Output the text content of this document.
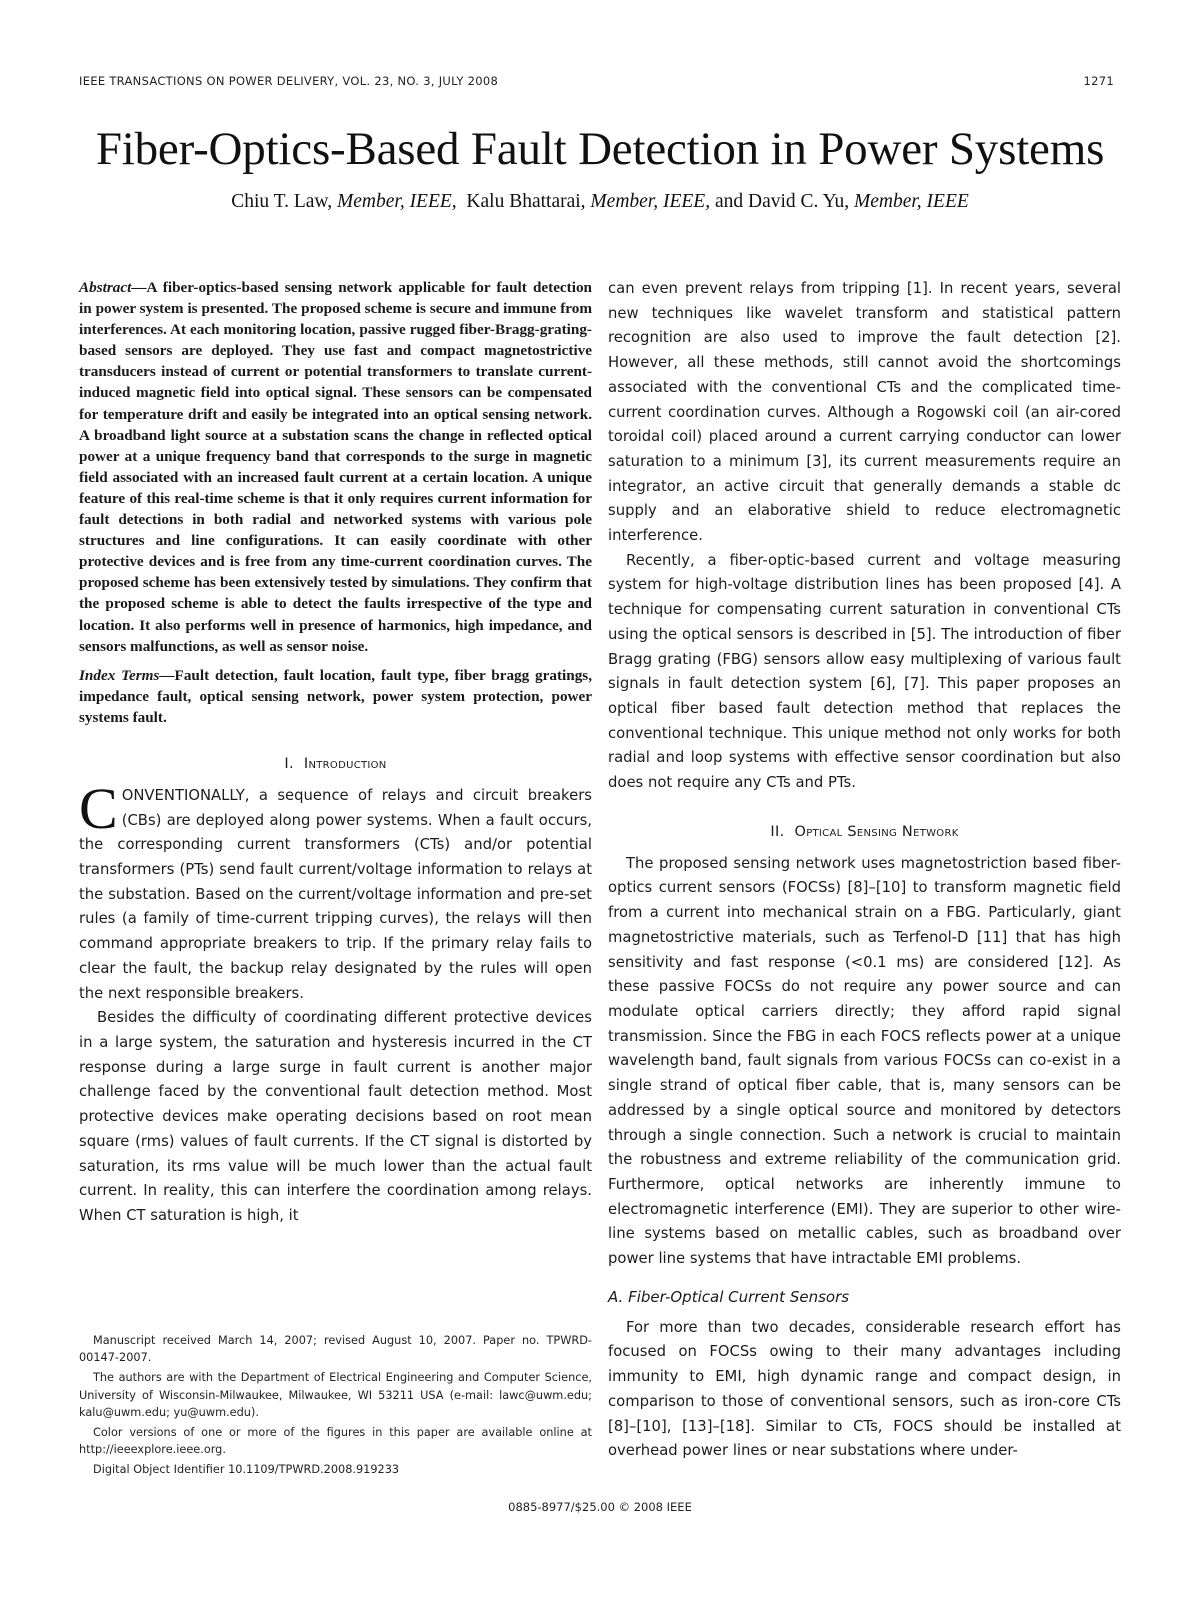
IEEE TRANSACTIONS ON POWER DELIVERY, VOL. 23, NO. 3, JULY 2008	1271
Fiber-Optics-Based Fault Detection in Power Systems
Chiu T. Law, Member, IEEE, Kalu Bhattarai, Member, IEEE, and David C. Yu, Member, IEEE

Abstract—A fiber-optics-based sensing network applicable for fault detection in power system is presented. The proposed scheme is secure and immune from interferences. At each monitoring location, passive rugged fiber-Bragg-grating-based sensors are deployed. They use fast and compact magnetostrictive transducers instead of current or potential transformers to translate current-induced magnetic field into optical signal. These sensors can be compensated for temperature drift and easily be integrated into an optical sensing network. A broadband light source at a substation scans the change in reflected optical power at a unique frequency band that corresponds to the surge in magnetic field associated with an increased fault current at a certain location. A unique feature of this real-time scheme is that it only requires current information for fault detections in both radial and networked systems with various pole structures and line configurations. It can easily coordinate with other protective devices and is free from any time-current coordination curves. The proposed scheme has been extensively tested by simulations. They confirm that the proposed scheme is able to detect the faults irrespective of the type and location. It also performs well in presence of harmonics, high impedance, and sensors malfunctions, as well as sensor noise.

Index Terms—Fault detection, fault location, fault type, fiber bragg gratings, impedance fault, optical sensing network, power system protection, power systems fault.

I. Introduction

CONVENTIONALLY, a sequence of relays and circuit breakers (CBs) are deployed along power systems. When a fault occurs, the corresponding current transformers (CTs) and/or potential transformers (PTs) send fault current/voltage information to relays at the substation. Based on the current/voltage information and pre-set rules (a family of time-current tripping curves), the relays will then command appropriate breakers to trip. If the primary relay fails to clear the fault, the backup relay designated by the rules will open the next responsible breakers.

Besides the difficulty of coordinating different protective devices in a large system, the saturation and hysteresis incurred in the CT response during a large surge in fault current is another major challenge faced by the conventional fault detection method. Most protective devices make operating decisions based on root mean square (rms) values of fault currents. If the CT signal is distorted by saturation, its rms value will be much lower than the actual fault current. In reality, this can interfere the coordination among relays. When CT saturation is high, it

can even prevent relays from tripping [1]. In recent years, several new techniques like wavelet transform and statistical pattern recognition are also used to improve the fault detection [2]. However, all these methods, still cannot avoid the shortcomings associated with the conventional CTs and the complicated time-current coordination curves. Although a Rogowski coil (an air-cored toroidal coil) placed around a current carrying conductor can lower saturation to a minimum [3], its current measurements require an integrator, an active circuit that generally demands a stable dc supply and an elaborative shield to reduce electromagnetic interference.

Recently, a fiber-optic-based current and voltage measuring system for high-voltage distribution lines has been proposed [4]. A technique for compensating current saturation in conventional CTs using the optical sensors is described in [5]. The introduction of fiber Bragg grating (FBG) sensors allow easy multiplexing of various fault signals in fault detection system [6], [7]. This paper proposes an optical fiber based fault detection method that replaces the conventional technique. This unique method not only works for both radial and loop systems with effective sensor coordination but also does not require any CTs and PTs.

II. Optical Sensing Network

The proposed sensing network uses magnetostriction based fiber-optics current sensors (FOCSs) [8]–[10] to transform magnetic field from a current into mechanical strain on a FBG. Particularly, giant magnetostrictive materials, such as Terfenol-D [11] that has high sensitivity and fast response (<0.1 ms) are considered [12]. As these passive FOCSs do not require any power source and can modulate optical carriers directly; they afford rapid signal transmission. Since the FBG in each FOCS reflects power at a unique wavelength band, fault signals from various FOCSs can co-exist in a single strand of optical fiber cable, that is, many sensors can be addressed by a single optical source and monitored by detectors through a single connection. Such a network is crucial to maintain the robustness and extreme reliability of the communication grid. Furthermore, optical networks are inherently immune to electromagnetic interference (EMI). They are superior to other wire-line systems based on metallic cables, such as broadband over power line systems that have intractable EMI problems.

A. Fiber-Optical Current Sensors

For more than two decades, considerable research effort has focused on FOCSs owing to their many advantages including immunity to EMI, high dynamic range and compact design, in comparison to those of conventional sensors, such as iron-core CTs [8]–[10], [13]–[18]. Similar to CTs, FOCS should be installed at overhead power lines or near substations where under-

Manuscript received March 14, 2007; revised August 10, 2007. Paper no. TPWRD-00147-2007.

The authors are with the Department of Electrical Engineering and Computer Science, University of Wisconsin-Milwaukee, Milwaukee, WI 53211 USA (e-mail: lawc@uwm.edu; kalu@uwm.edu; yu@uwm.edu).

Color versions of one or more of the figures in this paper are available online at http://ieeexplore.ieee.org.

Digital Object Identifier 10.1109/TPWRD.2008.919233

0885-8977/$25.00 © 2008 IEEE
